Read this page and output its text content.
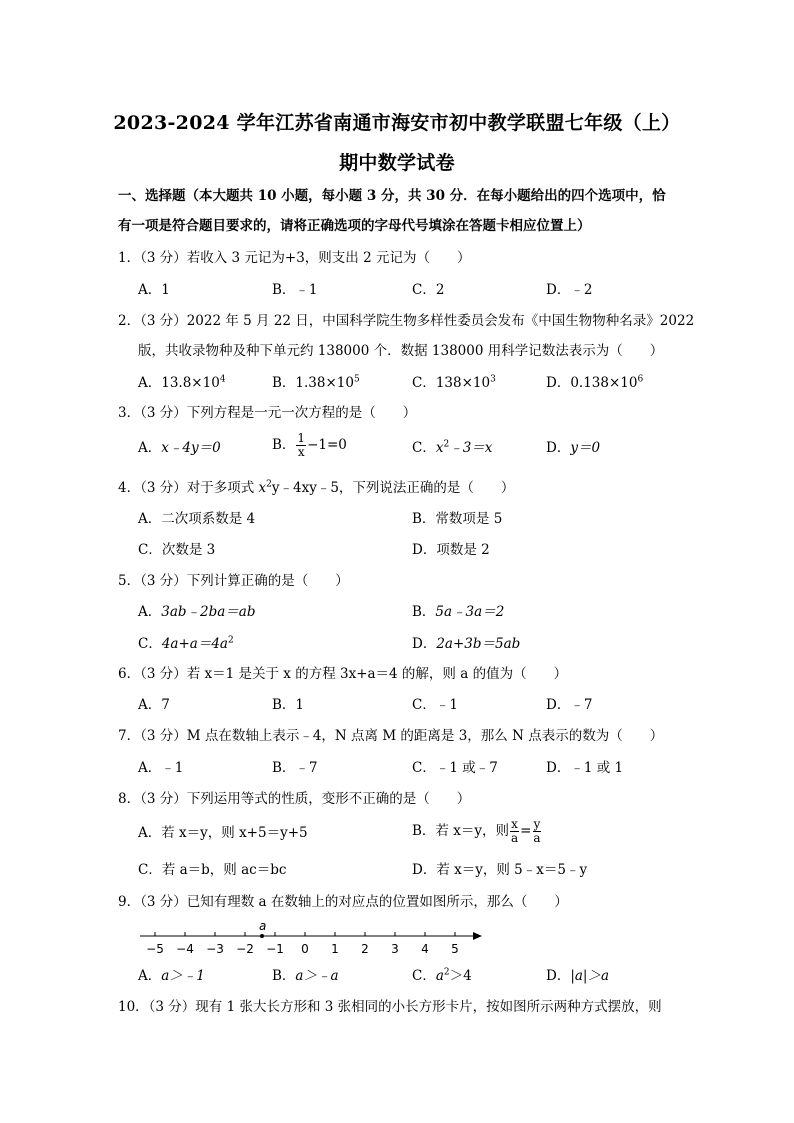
2023-2024 学年江苏省南通市海安市初中教学联盟七年级（上）
期中数学试卷
一、选择题（本大题共 10 小题，每小题 3 分，共 30 分．在每小题给出的四个选项中，恰
有一项是符合题目要求的，请将正确选项的字母代号填涂在答题卡相应位置上）
1．（3 分）若收入 3 元记为+3，则支出 2 元记为（　　）
A．1	B．﹣1	C．2	D．﹣2
2．（3 分）2022 年 5 月 22 日，中国科学院生物多样性委员会发布《中国生物物种名录》2022
版，共收录物种及种下单元约 138000 个．数据 138000 用科学记数法表示为（　　）
A．$13.8\times 10^4$	B．$1.38\times 10^5$	C．$138\times 10^3$	D．$0.138\times 10^6$
3．（3 分）下列方程是一元一次方程的是（　　）
A．x﹣4y＝0	B． $\frac{1}{x} -1=0$	C．$x^2﹣3=x$	D．y＝0
4．（3 分）对于多项式 $x^2y﹣4xy﹣5$，下列说法正确的是（　　）
A．二次项系数是 4	B．常数项是 5
C．次数是 3	D．项数是 2
5．（3 分）下列计算正确的是（　　）
A．3ab﹣2ba＝ab	B．5a﹣3a＝2
C．$4a+a=4a^2$	D．2a+3b＝5ab
6．（3 分）若 x＝1 是关于 x 的方程 3x+a＝4 的解，则 a 的值为（　　）
A．7	B．1	C．﹣1	D．﹣7
7．（3 分）M 点在数轴上表示﹣4，N 点离 M 的距离是 3，那么 N 点表示的数为（　　）
A．﹣1	B．﹣7	C．﹣1 或﹣7	D．﹣1 或 1
8．（3 分）下列运用等式的性质，变形不正确的是（　　）
A．若 x＝y，则 x+5＝y+5	B．若 x＝y，则 $\frac{x}{a} = \frac{y}{a}$
C．若 a＝b，则 ac＝bc	D．若 x＝y，则 5﹣x＝5﹣y
9．（3 分）已知有理数 a 在数轴上的对应点的位置如图所示，那么（　　）
−5 −4 −3 −2 −1 0 1 2 3 4 5
a
A．a＞﹣1	B．a＞﹣a	C．$a^2>4$	D．|a|＞a
10．（3 分）现有 1 张大长方形和 3 张相同的小长方形卡片，按如图所示两种方式摆放，则
